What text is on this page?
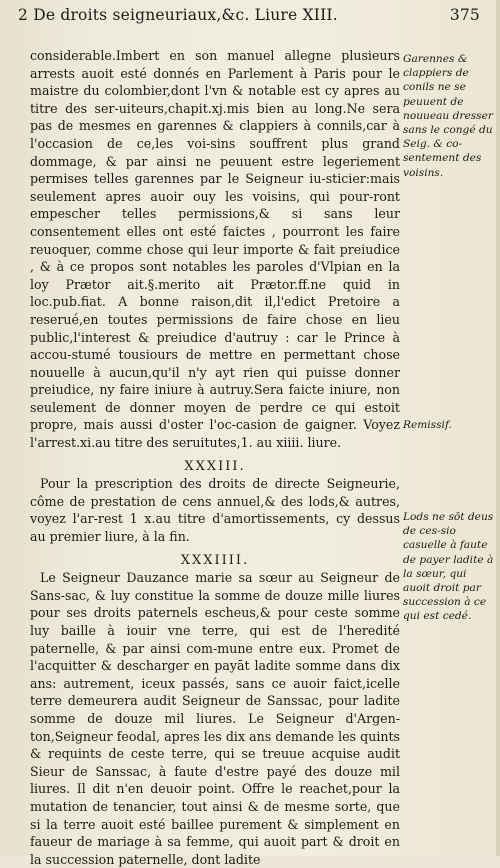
2 De droits seigneuriaux,&c. Liure XIII.	375

considerable.Imbert en son manuel allegne plusieurs arrests auoit esté donnés en Parlement à Paris pour le maistre du colombier,dont l'vn & notable est cy apres au titre des ser-uiteurs,chapit.xj.mis bien au long.Ne sera pas de mesmes en garennes & clappiers à connils,car à l'occasion de ce,les voi-sins souffrent plus grand dommage, & par ainsi ne peuuent estre legeriement permises telles garennes par le Seigneur iu-sticier:mais seulement apres auoir ouy les voisins, qui pour-ront empescher telles permissions,& si sans leur consentement elles ont esté faictes , pourront les faire reuoquer, comme chose qui leur importe & fait preiudice , & à ce propos sont notables les paroles d'Vlpian en la loy Prætor ait.§.merito ait Prætor.ff.ne quid in loc.pub.fiat. A bonne raison,dit il,l'edict Pretoire a reserué,en toutes permissions de faire chose en lieu public,l'interest & preiudice d'autruy : car le Prince à accou-stumé tousiours de mettre en permettant chose nouuelle à aucun,qu'il n'y ayt rien qui puisse donner preiudice, ny faire iniure à autruy.Sera faicte iniure, non seulement de donner moyen de perdre ce qui estoit propre, mais aussi d'oster l'oc-casion de gaigner. Voyez l'arrest.xi.au titre des seruitutes,1. au xiiii. liure.

XXXIII.

Pour la prescription des droits de directe Seigneurie, côme de prestation de cens annuel,& des lods,& autres, voyez l'ar-rest 1 x.au titre d'amortissements, cy dessus au premier liure, à la fin.

XXXIIII.

Le Seigneur Dauzance marie sa sœur au Seigneur de Sans-sac, & luy constitue la somme de douze mille liures pour ses droits paternels escheus,& pour ceste somme luy baille à iouir vne terre, qui est de l'heredité paternelle, & par ainsi com-mune entre eux. Promet de l'acquitter & descharger en payāt ladite somme dans dix ans: autrement, iceux passés, sans ce auoir faict,icelle terre demeurera audit Seigneur de Sanssac, pour ladite somme de douze mil liures. Le Seigneur d'Argen-ton,Seigneur feodal, apres les dix ans demande les quints & requints de ceste terre, qui se treuue acquise audit Sieur de Sanssac, à faute d'estre payé des douze mil liures. Il dit n'en deuoir point. Offre le reachet,pour la mutation de tenancier, tout ainsi & de mesme sorte, que si la terre auoit esté baillee purement & simplement en faueur de mariage à sa femme, qui auoit part & droit en la succession paternelle, dont ladite

Garennes & clappiers de conils ne se peuuent de nouueau dresser sans le congé du Seig. & co-sentement des voisins.
Remissif.
Lods ne sōt deus de ces-sio casuelle à faute de payer ladite à la sœur, qui auoit droit par succession à ce qui est cedé.
